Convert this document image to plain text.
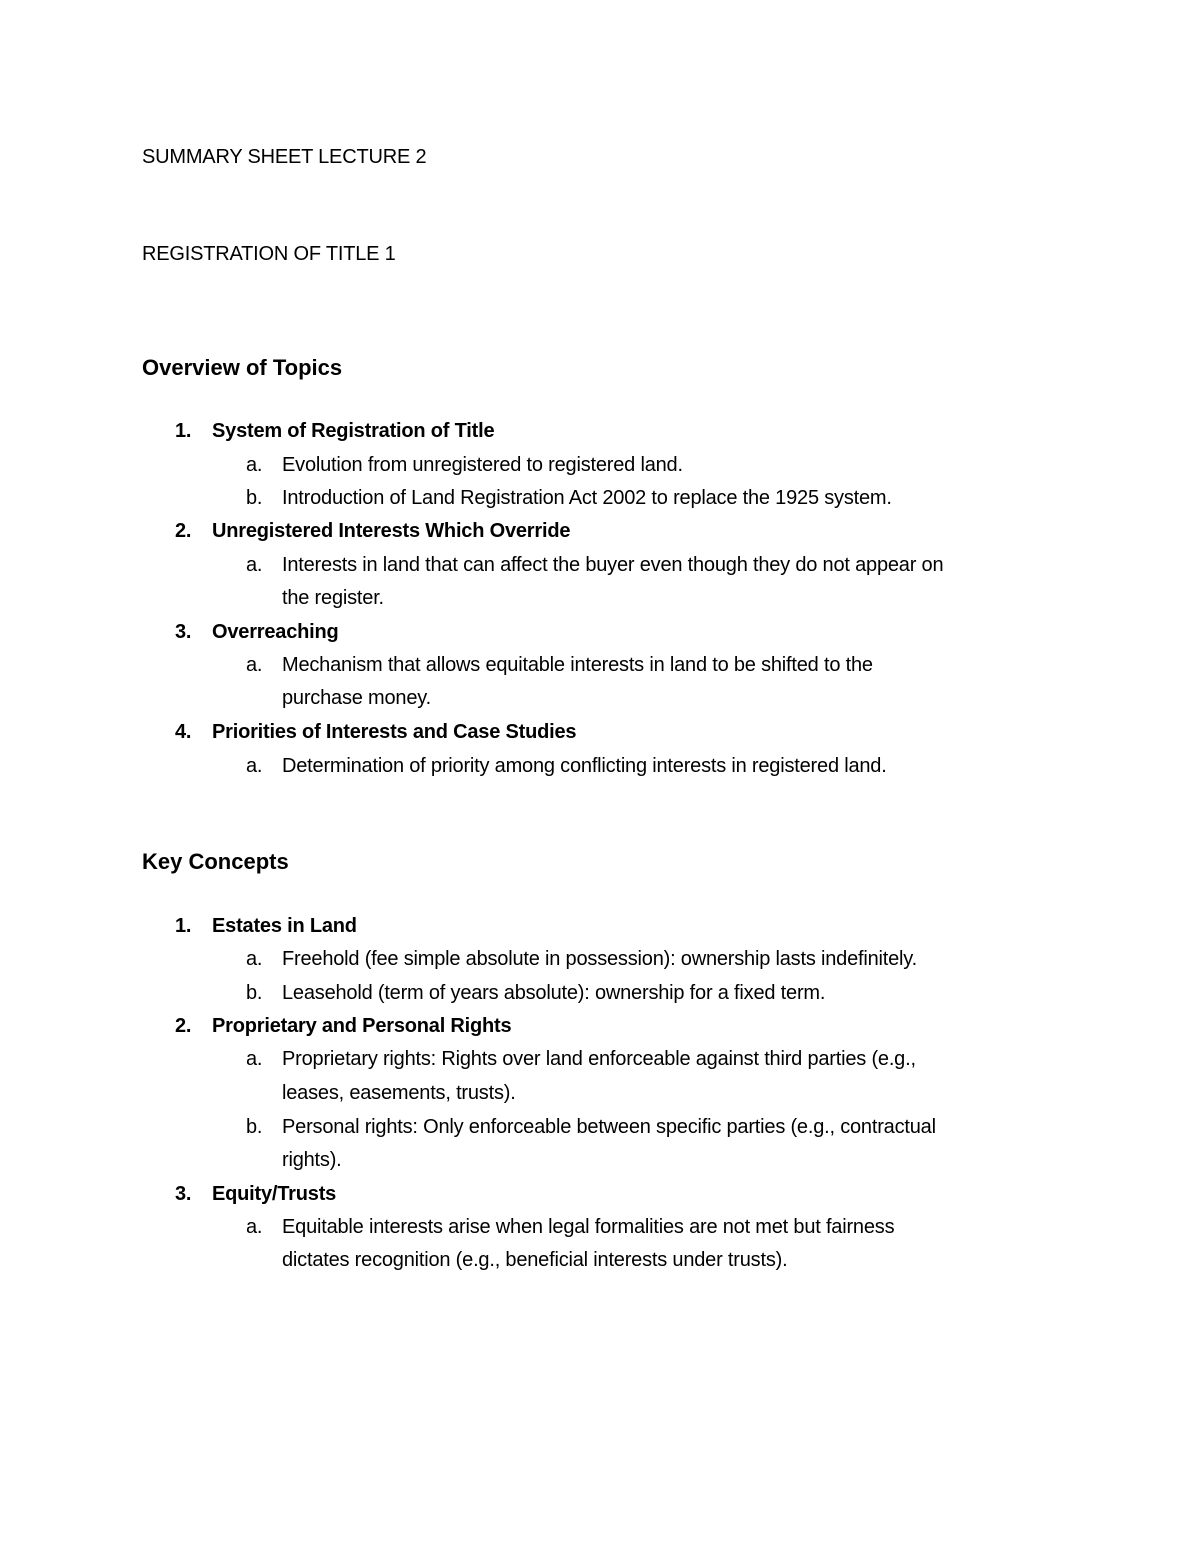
SUMMARY SHEET LECTURE 2
REGISTRATION OF TITLE 1
Overview of Topics
1. System of Registration of Title
a. Evolution from unregistered to registered land.
b. Introduction of Land Registration Act 2002 to replace the 1925 system.
2. Unregistered Interests Which Override
a. Interests in land that can affect the buyer even though they do not appear on
the register.
3. Overreaching
a. Mechanism that allows equitable interests in land to be shifted to the
purchase money.
4. Priorities of Interests and Case Studies
a. Determination of priority among conflicting interests in registered land.
Key Concepts
1. Estates in Land
a. Freehold (fee simple absolute in possession): ownership lasts indefinitely.
b. Leasehold (term of years absolute): ownership for a fixed term.
2. Proprietary and Personal Rights
a. Proprietary rights: Rights over land enforceable against third parties (e.g.,
leases, easements, trusts).
b. Personal rights: Only enforceable between specific parties (e.g., contractual
rights).
3. Equity/Trusts
a. Equitable interests arise when legal formalities are not met but fairness
dictates recognition (e.g., beneficial interests under trusts).
